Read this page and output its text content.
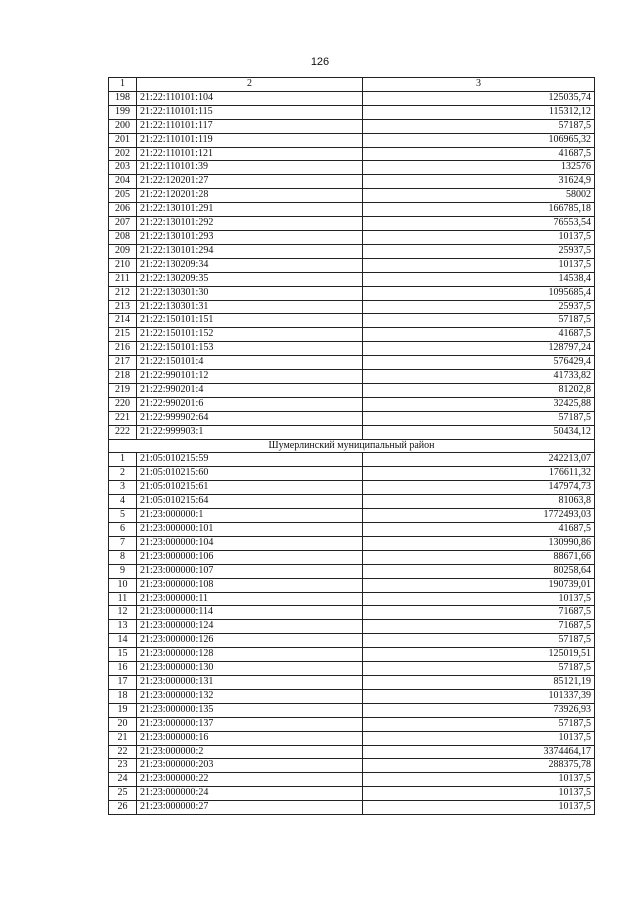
126
1	2	3
198	21:22:110101:104	125035,74
199	21:22:110101:115	115312,12
200	21:22:110101:117	57187,5
201	21:22:110101:119	106965,32
202	21:22:110101:121	41687,5
203	21:22:110101:39	132576
204	21:22:120201:27	31624,9
205	21:22:120201:28	58002
206	21:22:130101:291	166785,18
207	21:22:130101:292	76553,54
208	21:22:130101:293	10137,5
209	21:22:130101:294	25937,5
210	21:22:130209:34	10137,5
211	21:22:130209:35	14538,4
212	21:22:130301:30	1095685,4
213	21:22:130301:31	25937,5
214	21:22:150101:151	57187,5
215	21:22:150101:152	41687,5
216	21:22:150101:153	128797,24
217	21:22:150101:4	576429,4
218	21:22:990101:12	41733,82
219	21:22:990201:4	81202,8
220	21:22:990201:6	32425,88
221	21:22:999902:64	57187,5
222	21:22:999903:1	50434,12
Шумерлинский муниципальный район		
1	21:05:010215:59	242213,07
2	21:05:010215:60	176611,32
3	21:05:010215:61	147974,73
4	21:05:010215:64	81063,8
5	21:23:000000:1	1772493,03
6	21:23:000000:101	41687,5
7	21:23:000000:104	130990,86
8	21:23:000000:106	88671,66
9	21:23:000000:107	80258,64
10	21:23:000000:108	190739,01
11	21:23:000000:11	10137,5
12	21:23:000000:114	71687,5
13	21:23:000000:124	71687,5
14	21:23:000000:126	57187,5
15	21:23:000000:128	125019,51
16	21:23:000000:130	57187,5
17	21:23:000000:131	85121,19
18	21:23:000000:132	101337,39
19	21:23:000000:135	73926,93
20	21:23:000000:137	57187,5
21	21:23:000000:16	10137,5
22	21:23:000000:2	3374464,17
23	21:23:000000:203	288375,78
24	21:23:000000:22	10137,5
25	21:23:000000:24	10137,5
26	21:23:000000:27	10137,5
